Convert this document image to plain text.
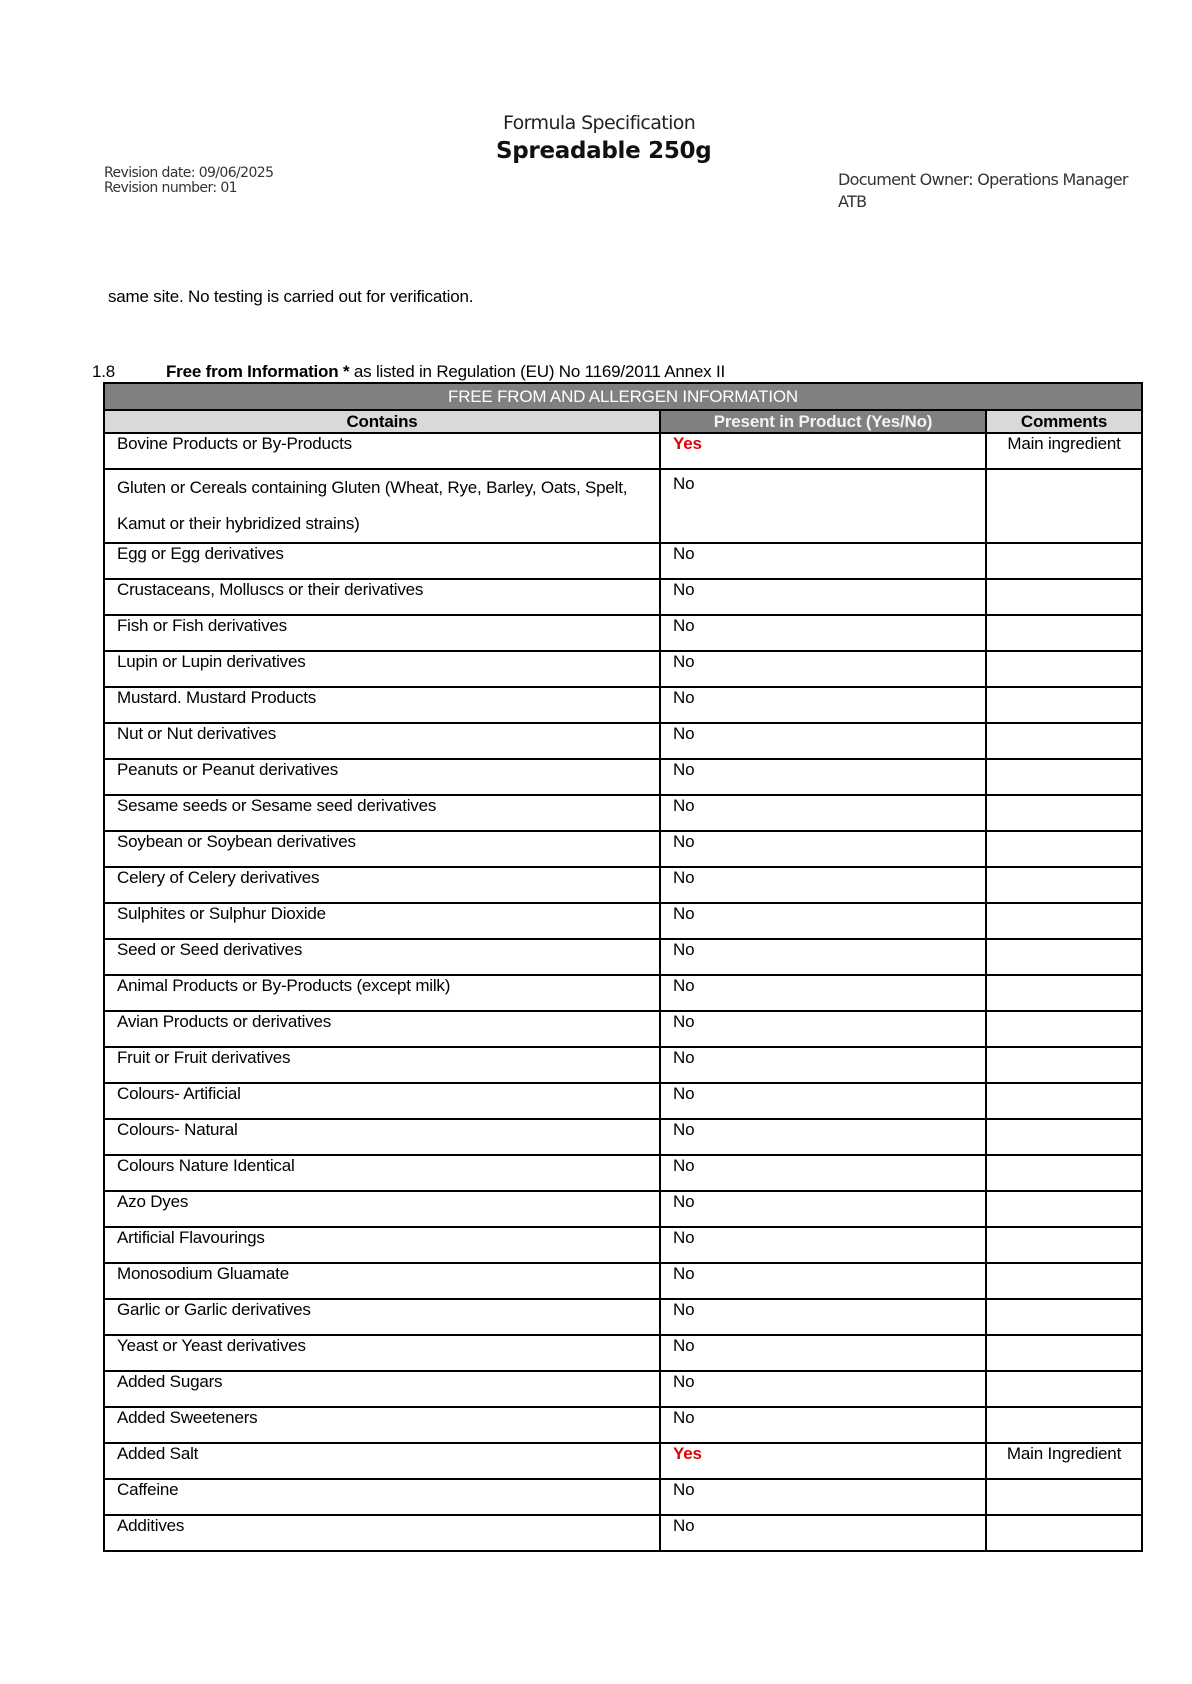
Formula Specification
Spreadable 250g
Revision date: 09/06/2025
Revision number: 01	Document Owner: Operations Manager
ATB
same site. No testing is carried out for verification.
1.8	Free from Information * as listed in Regulation (EU) No 1169/2011 Annex II
FREE FROM AND ALLERGEN INFORMATION		
Contains	Present in Product (Yes/No)	Comments
Bovine Products or By-Products	Yes	Main ingredient
Gluten or Cereals containing Gluten (Wheat, Rye, Barley, Oats, Spelt, Kamut or their hybridized strains)	No	
Egg or Egg derivatives	No	
Crustaceans, Molluscs or their derivatives	No	
Fish or Fish derivatives	No	
Lupin or Lupin derivatives	No	
Mustard. Mustard Products	No	
Nut or Nut derivatives	No	
Peanuts or Peanut derivatives	No	
Sesame seeds or Sesame seed derivatives	No	
Soybean or Soybean derivatives	No	
Celery of Celery derivatives	No	
Sulphites or Sulphur Dioxide	No	
Seed or Seed derivatives	No	
Animal Products or By-Products (except milk)	No	
Avian Products or derivatives	No	
Fruit or Fruit derivatives	No	
Colours- Artificial	No	
Colours- Natural	No	
Colours Nature Identical	No	
Azo Dyes	No	
Artificial Flavourings	No	
Monosodium Gluamate	No	
Garlic or Garlic derivatives	No	
Yeast or Yeast derivatives	No	
Added Sugars	No	
Added Sweeteners	No	
Added Salt	Yes	Main Ingredient
Caffeine	No	
Additives	No	
